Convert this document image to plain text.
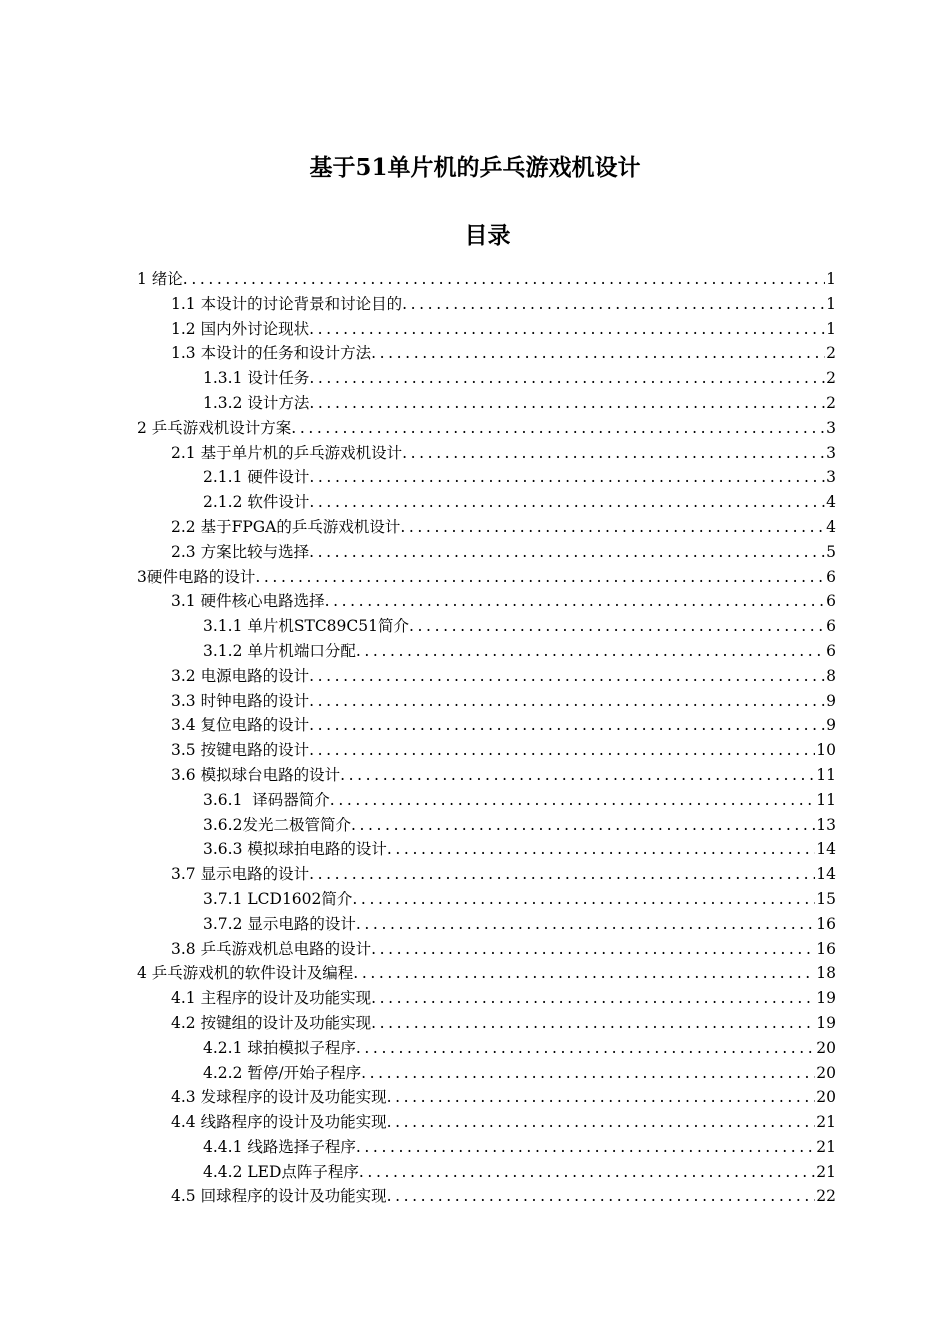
基于51单片机的乒乓游戏机设计
目录
1 绪论 .....	1
1.1 本设计的讨论背景和讨论目的 .....	1
1.2 国内外讨论现状 .....	1
1.3 本设计的任务和设计方法 .....	2
1.3.1 设计任务 .....	2
1.3.2 设计方法 .....	2
2 乒乓游戏机设计方案 .....	3
2.1 基于单片机的乒乓游戏机设计 .....	3
2.1.1 硬件设计 .....	3
2.1.2 软件设计 .....	4
2.2 基于FPGA的乒乓游戏机设计 .....	4
2.3 方案比较与选择 .....	5
3硬件电路的设计 .....	6
3.1 硬件核心电路选择 .....	6
3.1.1 单片机STC89C51简介 .....	6
3.1.2 单片机端口分配 .....	6
3.2 电源电路的设计 .....	8
3.3 时钟电路的设计 .....	9
3.4 复位电路的设计 .....	9
3.5 按键电路的设计 .....	10
3.6 模拟球台电路的设计 .....	11
3.6.1  译码器简介 .....	11
3.6.2发光二极管简介 .....	13
3.6.3 模拟球拍电路的设计 .....	14
3.7 显示电路的设计 .....	14
3.7.1 LCD1602简介 .....	15
3.7.2 显示电路的设计 .....	16
3.8 乒乓游戏机总电路的设计 .....	16
4 乒乓游戏机的软件设计及编程 .....	18
4.1 主程序的设计及功能实现 .....	19
4.2 按键组的设计及功能实现 .....	19
4.2.1 球拍模拟子程序 .....	20
4.2.2 暂停/开始子程序 .....	20
4.3 发球程序的设计及功能实现 .....	20
4.4 线路程序的设计及功能实现 .....	21
4.4.1 线路选择子程序 .....	21
4.4.2 LED点阵子程序 .....	21
4.5 回球程序的设计及功能实现 .....	22
